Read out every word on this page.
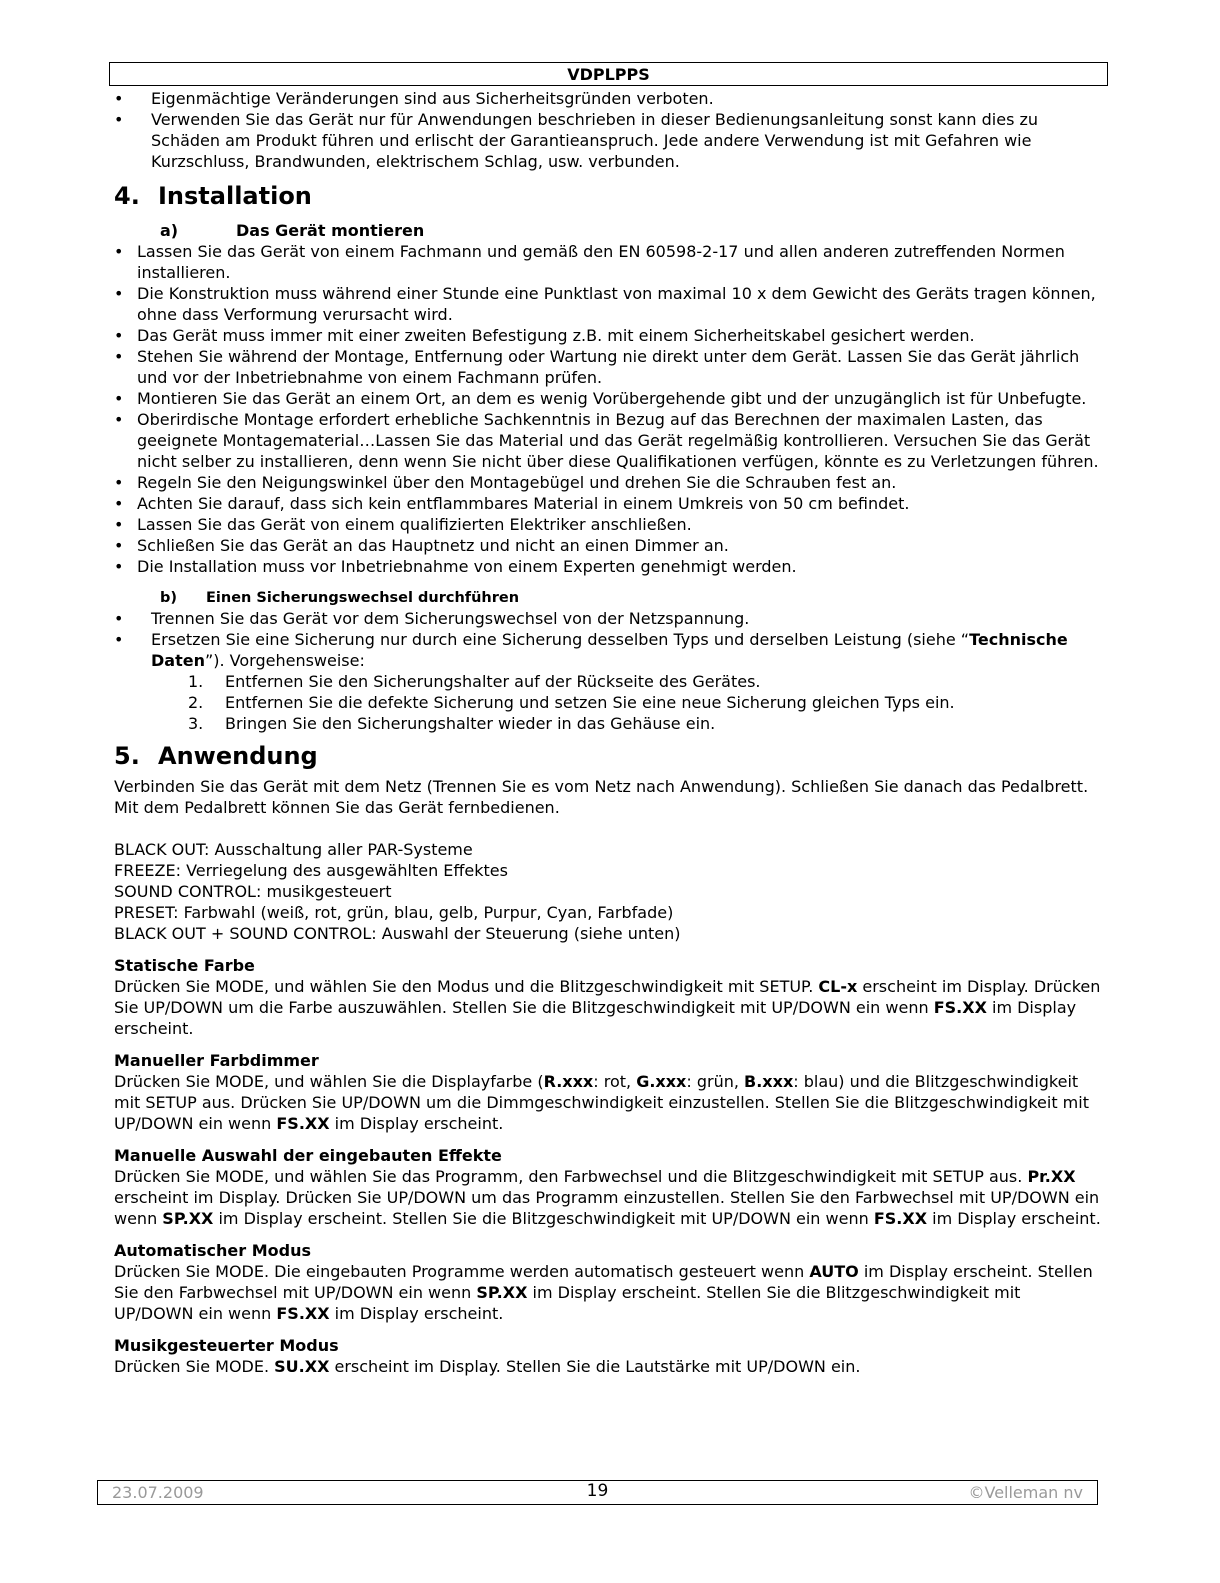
VDPLPPS
• Eigenmächtige Veränderungen sind aus Sicherheitsgründen verboten.
• Verwenden Sie das Gerät nur für Anwendungen beschrieben in dieser Bedienungsanleitung sonst kann dies zu Schäden am Produkt führen und erlischt der Garantieanspruch. Jede andere Verwendung ist mit Gefahren wie Kurzschluss, Brandwunden, elektrischem Schlag, usw. verbunden.
4. Installation
a)	Das Gerät montieren
• Lassen Sie das Gerät von einem Fachmann und gemäß den EN 60598-2-17 und allen anderen zutreffenden Normen installieren.
• Die Konstruktion muss während einer Stunde eine Punktlast von maximal 10 x dem Gewicht des Geräts tragen können, ohne dass Verformung verursacht wird.
• Das Gerät muss immer mit einer zweiten Befestigung z.B. mit einem Sicherheitskabel gesichert werden.
• Stehen Sie während der Montage, Entfernung oder Wartung nie direkt unter dem Gerät. Lassen Sie das Gerät jährlich und vor der Inbetriebnahme von einem Fachmann prüfen.
• Montieren Sie das Gerät an einem Ort, an dem es wenig Vorübergehende gibt und der unzugänglich ist für Unbefugte.
• Oberirdische Montage erfordert erhebliche Sachkenntnis in Bezug auf das Berechnen der maximalen Lasten, das geeignete Montagematerial…Lassen Sie das Material und das Gerät regelmäßig kontrollieren. Versuchen Sie das Gerät nicht selber zu installieren, denn wenn Sie nicht über diese Qualifikationen verfügen, könnte es zu Verletzungen führen.
• Regeln Sie den Neigungswinkel über den Montagebügel und drehen Sie die Schrauben fest an.
• Achten Sie darauf, dass sich kein entflammbares Material in einem Umkreis von 50 cm befindet.
• Lassen Sie das Gerät von einem qualifizierten Elektriker anschließen.
• Schließen Sie das Gerät an das Hauptnetz und nicht an einen Dimmer an.
• Die Installation muss vor Inbetriebnahme von einem Experten genehmigt werden.
b) Einen Sicherungswechsel durchführen
• Trennen Sie das Gerät vor dem Sicherungswechsel von der Netzspannung.
• Ersetzen Sie eine Sicherung nur durch eine Sicherung desselben Typs und derselben Leistung (siehe “Technische Daten”). Vorgehensweise:
1. Entfernen Sie den Sicherungshalter auf der Rückseite des Gerätes.
2. Entfernen Sie die defekte Sicherung und setzen Sie eine neue Sicherung gleichen Typs ein.
3. Bringen Sie den Sicherungshalter wieder in das Gehäuse ein.
5. Anwendung

Verbinden Sie das Gerät mit dem Netz (Trennen Sie es vom Netz nach Anwendung). Schließen Sie danach das Pedalbrett. Mit dem Pedalbrett können Sie das Gerät fernbedienen.

BLACK OUT: Ausschaltung aller PAR-Systeme
FREEZE: Verriegelung des ausgewählten Effektes
SOUND CONTROL: musikgesteuert
PRESET: Farbwahl (weiß, rot, grün, blau, gelb, Purpur, Cyan, Farbfade)
BLACK OUT + SOUND CONTROL: Auswahl der Steuerung (siehe unten)
Statische Farbe

Drücken Sie MODE, und wählen Sie den Modus und die Blitzgeschwindigkeit mit SETUP. CL-x erscheint im Display. Drücken Sie UP/DOWN um die Farbe auszuwählen. Stellen Sie die Blitzgeschwindigkeit mit UP/DOWN ein wenn FS.XX im Display erscheint.

Manueller Farbdimmer

Drücken Sie MODE, und wählen Sie die Displayfarbe (R.xxx: rot, G.xxx: grün, B.xxx: blau) und die Blitzgeschwindigkeit mit SETUP aus. Drücken Sie UP/DOWN um die Dimmgeschwindigkeit einzustellen. Stellen Sie die Blitzgeschwindigkeit mit UP/DOWN ein wenn FS.XX im Display erscheint.

Manuelle Auswahl der eingebauten Effekte

Drücken Sie MODE, und wählen Sie das Programm, den Farbwechsel und die Blitzgeschwindigkeit mit SETUP aus. Pr.XX erscheint im Display. Drücken Sie UP/DOWN um das Programm einzustellen. Stellen Sie den Farbwechsel mit UP/DOWN ein wenn SP.XX im Display erscheint. Stellen Sie die Blitzgeschwindigkeit mit UP/DOWN ein wenn FS.XX im Display erscheint.

Automatischer Modus

Drücken Sie MODE. Die eingebauten Programme werden automatisch gesteuert wenn AUTO im Display erscheint. Stellen Sie den Farbwechsel mit UP/DOWN ein wenn SP.XX im Display erscheint. Stellen Sie die Blitzgeschwindigkeit mit UP/DOWN ein wenn FS.XX im Display erscheint.

Musikgesteuerter Modus

Drücken Sie MODE. SU.XX erscheint im Display. Stellen Sie die Lautstärke mit UP/DOWN ein.

23.07.2009	19	©Velleman nv
